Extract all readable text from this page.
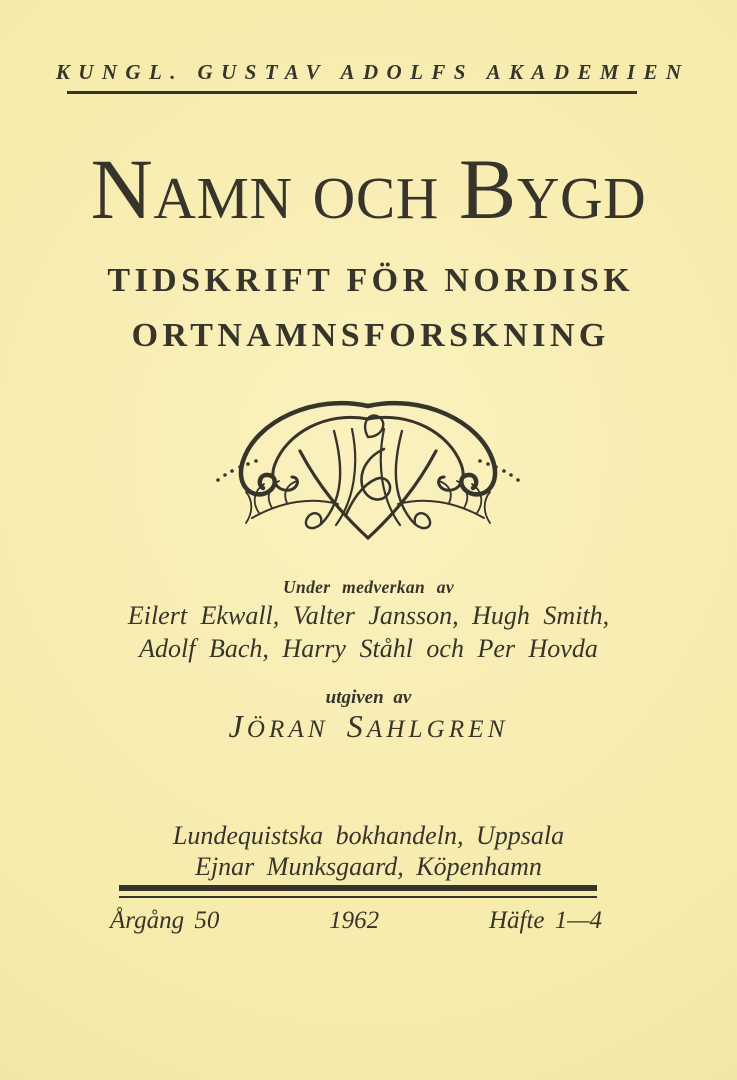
KUNGL. GUSTAV ADOLFS AKADEMIEN
NAMN OCH BYGD
TIDSKRIFT FÖR NORDISK
ORTNAMNSFORSKNING
Under medverkan av
Eilert Ekwall, Valter Jansson, Hugh Smith,
Adolf Bach, Harry Ståhl och Per Hovda
utgiven av
JÖRAN SAHLGREN
Lundequistska bokhandeln, Uppsala
Ejnar Munksgaard, Köpenhamn
Årgång 50	1962	Häfte 1—4
